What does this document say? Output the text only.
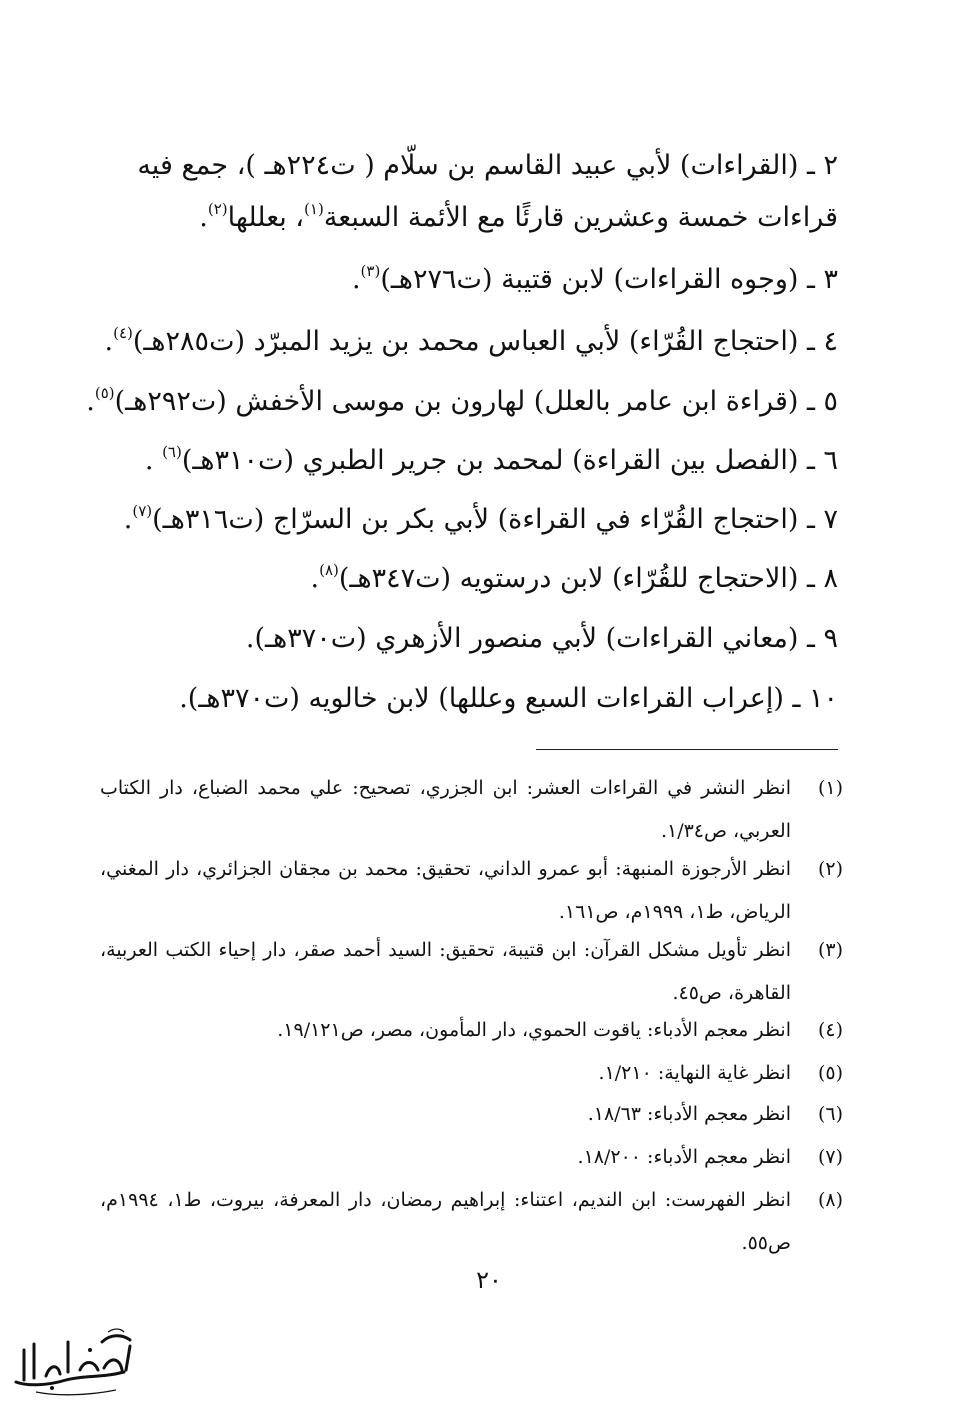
٢ ـ (القراءات) لأبي عبيد القاسم بن سلّام ( ت٢٢٤هـ )، جمع فيه
قراءات خمسة وعشرين قارئًا مع الأئمة السبعة$^{(١)}$، بعللها$^{(٢)}$.
٣ ـ (وجوه القراءات) لابن قتيبة (ت٢٧٦هـ)$^{(٣)}$.
٤ ـ (احتجاج القُرّاء) لأبي العباس محمد بن يزيد المبرّد (ت٢٨٥هـ)$^{(٤)}$.
٥ ـ (قراءة ابن عامر بالعلل) لهارون بن موسى الأخفش (ت٢٩٢هـ)$^{(٥)}$.
٦ ـ (الفصل بين القراءة) لمحمد بن جرير الطبري (ت٣١٠هـ)$^{(٦)}$ .
٧ ـ (احتجاج القُرّاء في القراءة) لأبي بكر بن السرّاج (ت٣١٦هـ)$^{(٧)}$.
٨ ـ (الاحتجاج للقُرّاء) لابن درستويه (ت٣٤٧هـ)$^{(٨)}$.
٩ ـ (معاني القراءات) لأبي منصور الأزهري (ت٣٧٠هـ).
١٠ ـ (إعراب القراءات السبع وعللها) لابن خالويه (ت٣٧٠هـ).
(١)
انظر النشر في القراءات العشر: ابن الجزري، تصحيح: علي محمد الضباع، دار الكتاب العربي، ص١/٣٤.
(٢)
انظر الأرجوزة المنبهة: أبو عمرو الداني، تحقيق: محمد بن مجقان الجزائري، دار المغني، الرياض، ط١، ١٩٩٩م، ص١٦١.
(٣)
انظر تأويل مشكل القرآن: ابن قتيبة، تحقيق: السيد أحمد صقر، دار إحياء الكتب العربية، القاهرة، ص٤٥.
(٤)
انظر معجم الأدباء: ياقوت الحموي، دار المأمون، مصر، ص١٩/١٢١.
(٥)
انظر غاية النهاية: ١/٢١٠.
(٦)
انظر معجم الأدباء: ١٨/٦٣.
(٧)
انظر معجم الأدباء: ١٨/٢٠٠.
(٨)
انظر الفهرست: ابن النديم، اعتناء: إبراهيم رمضان، دار المعرفة، بيروت، ط١، ١٩٩٤م، ص٥٥.
٢٠
